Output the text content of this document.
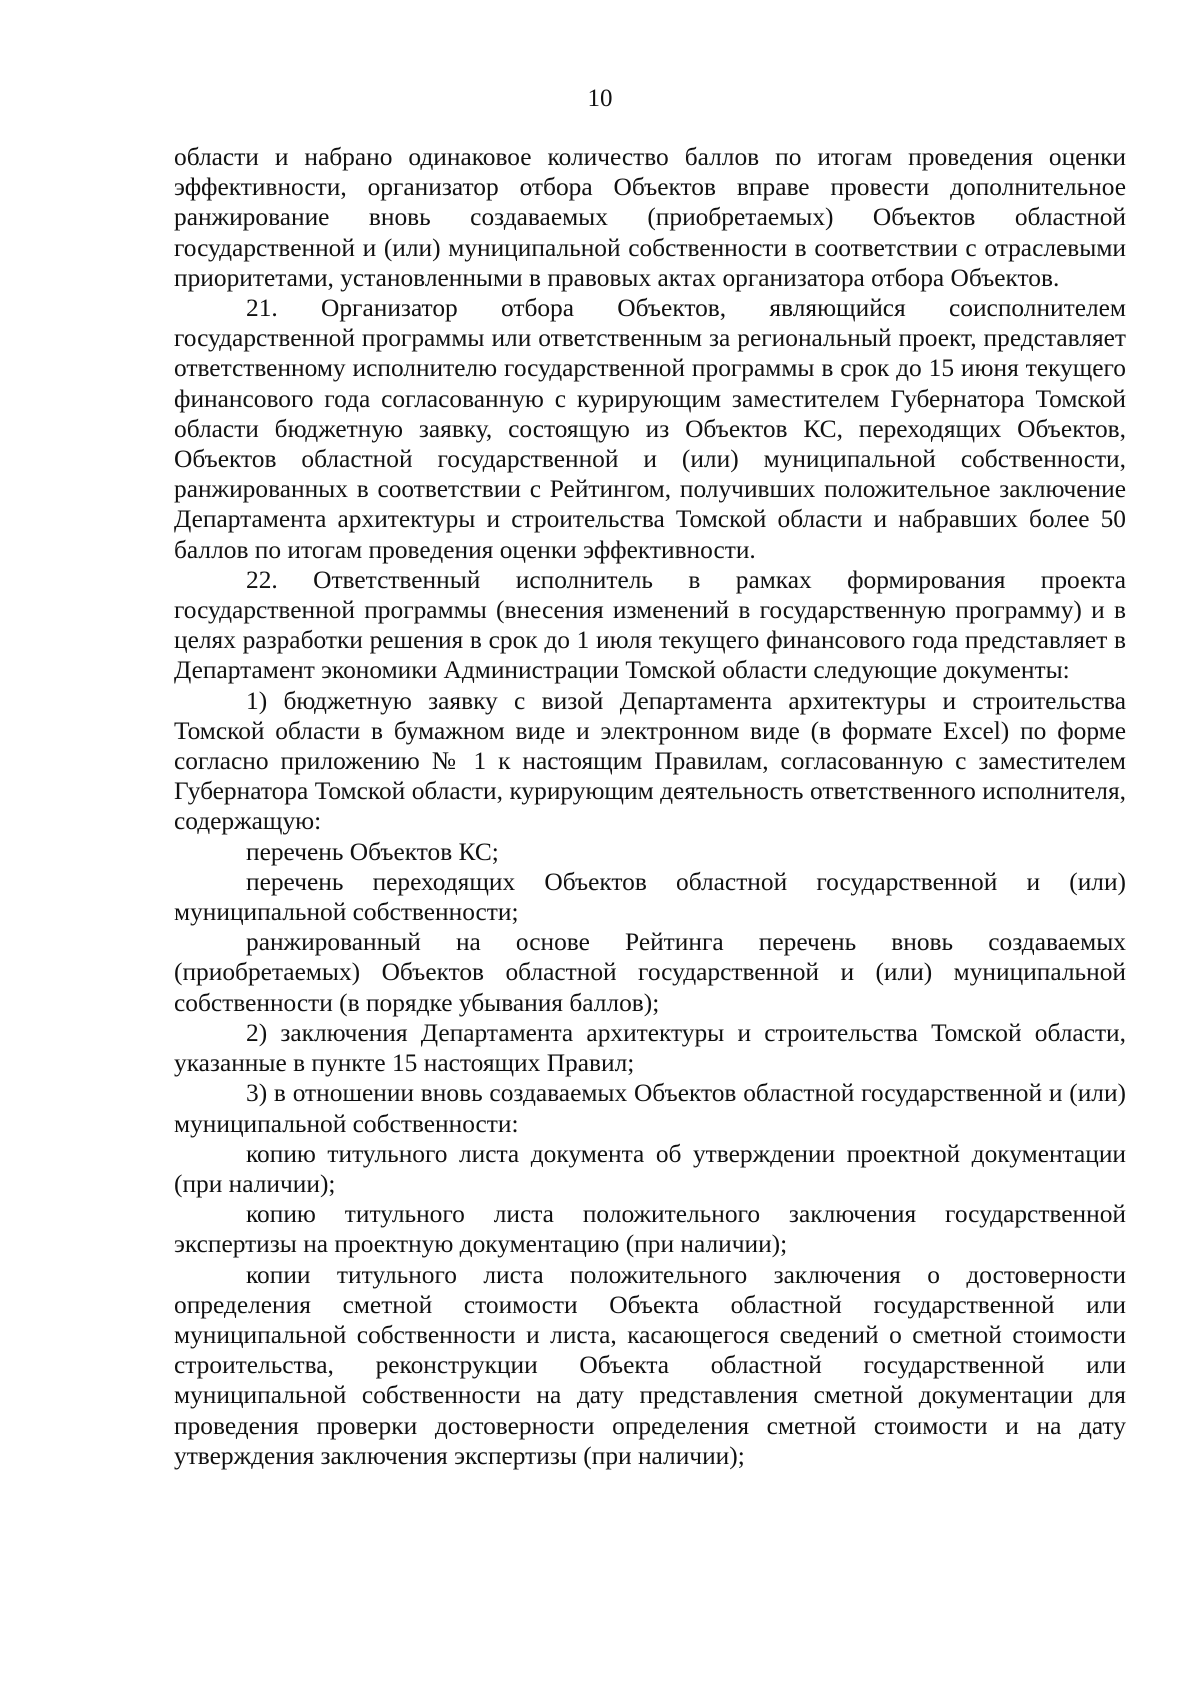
10

области и набрано одинаковое количество баллов по итогам проведения оценки эффективности, организатор отбора Объектов вправе провести дополнительное ранжирование вновь создаваемых (приобретаемых) Объектов областной государственной и (или) муниципальной собственности в соответствии с отраслевыми приоритетами, установленными в правовых актах организатора отбора Объектов.

21. Организатор отбора Объектов, являющийся соисполнителем государственной программы или ответственным за региональный проект, представляет ответственному исполнителю государственной программы в срок до 15 июня текущего финансового года согласованную с курирующим заместителем Губернатора Томской области бюджетную заявку, состоящую из Объектов КС, переходящих Объектов, Объектов областной государственной и (или) муниципальной собственности, ранжированных в соответствии с Рейтингом, получивших положительное заключение Департамента архитектуры и строительства Томской области и набравших более 50 баллов по итогам проведения оценки эффективности.

22. Ответственный исполнитель в рамках формирования проекта государственной программы (внесения изменений в государственную программу) и в целях разработки решения в срок до 1 июля текущего финансового года представляет в Департамент экономики Администрации Томской области следующие документы:

1) бюджетную заявку с визой Департамента архитектуры и строительства Томской области в бумажном виде и электронном виде (в формате Excel) по форме согласно приложению № 1 к настоящим Правилам, согласованную с заместителем Губернатора Томской области, курирующим деятельность ответственного исполнителя, содержащую:

перечень Объектов КС;

перечень переходящих Объектов областной государственной и (или) муниципальной собственности;

ранжированный на основе Рейтинга перечень вновь создаваемых (приобретаемых) Объектов областной государственной и (или) муниципальной собственности (в порядке убывания баллов);

2) заключения Департамента архитектуры и строительства Томской области, указанные в пункте 15 настоящих Правил;

3) в отношении вновь создаваемых Объектов областной государственной и (или) муниципальной собственности:

копию титульного листа документа об утверждении проектной документации (при наличии);

копию титульного листа положительного заключения государственной экспертизы на проектную документацию (при наличии);

копии титульного листа положительного заключения о достоверности определения сметной стоимости Объекта областной государственной или муниципальной собственности и листа, касающегося сведений о сметной стоимости строительства, реконструкции Объекта областной государственной или муниципальной собственности на дату представления сметной документации для проведения проверки достоверности определения сметной стоимости и на дату утверждения заключения экспертизы (при наличии);
